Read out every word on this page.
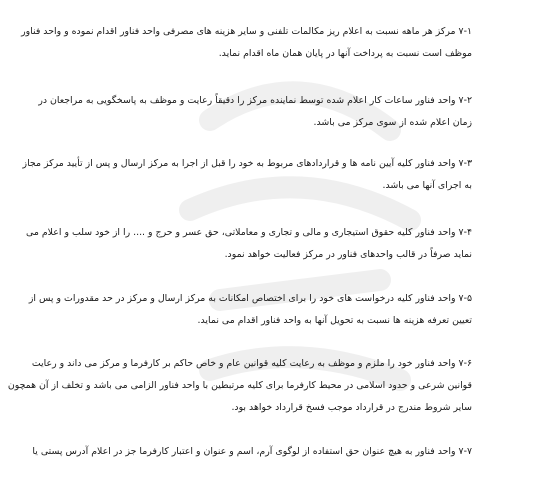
۷-۱ مرکز هر ماهه نسبت به اعلام ریز مکالمات تلفنی و سایر هزینه های مصرفی واحد فناور اقدام نموده و واحد فناور
موظف است نسبت به پرداخت آنها در پایان همان ماه اقدام نماید.
۷-۲ واحد فناور ساعات کار اعلام شده توسط نماینده مرکز را دقیقاً رعایت و موظف به پاسخگویی به مراجعان در
زمان اعلام شده از سوی مرکز می باشد.
۷-۳ واحد فناور کلیه آیین نامه ها و قراردادهای مربوط به خود را قبل از اجرا به مرکز ارسال و پس از تأیید مرکز مجاز
به اجرای آنها می باشد.
۷-۴ واحد فناور کلیه حقوق استیجاری و مالی و تجاری و معاملاتی، حق عسر و حرج و .... را از خود سلب و اعلام می
نماید صرفاً در قالب واحدهای فناور در مرکز فعالیت خواهد نمود.
۷-۵ واحد فناور کلیه درخواست های خود را برای اختصاص امکانات به مرکز ارسال و مرکز در حد مقدورات و پس از
تعیین تعرفه هزینه ها نسبت به تحویل آنها به واحد فناور اقدام می نماید.
۷-۶ واحد فناور خود را ملزم و موظف به رعایت کلیه قوانین عام و خاص حاکم بر کارفرما و مرکز می داند و رعایت
قوانین شرعی و حدود اسلامی در محیط کارفرما برای کلیه مرتبطین با واحد فناور الزامی می باشد و تخلف از آن همچون
سایر شروط مندرج در قرارداد موجب فسخ قرارداد خواهد بود.
۷-۷ واحد فناور به هیچ عنوان حق استفاده از لوگوی آرم، اسم و عنوان و اعتبار کارفرما جز در اعلام آدرس پستی یا
